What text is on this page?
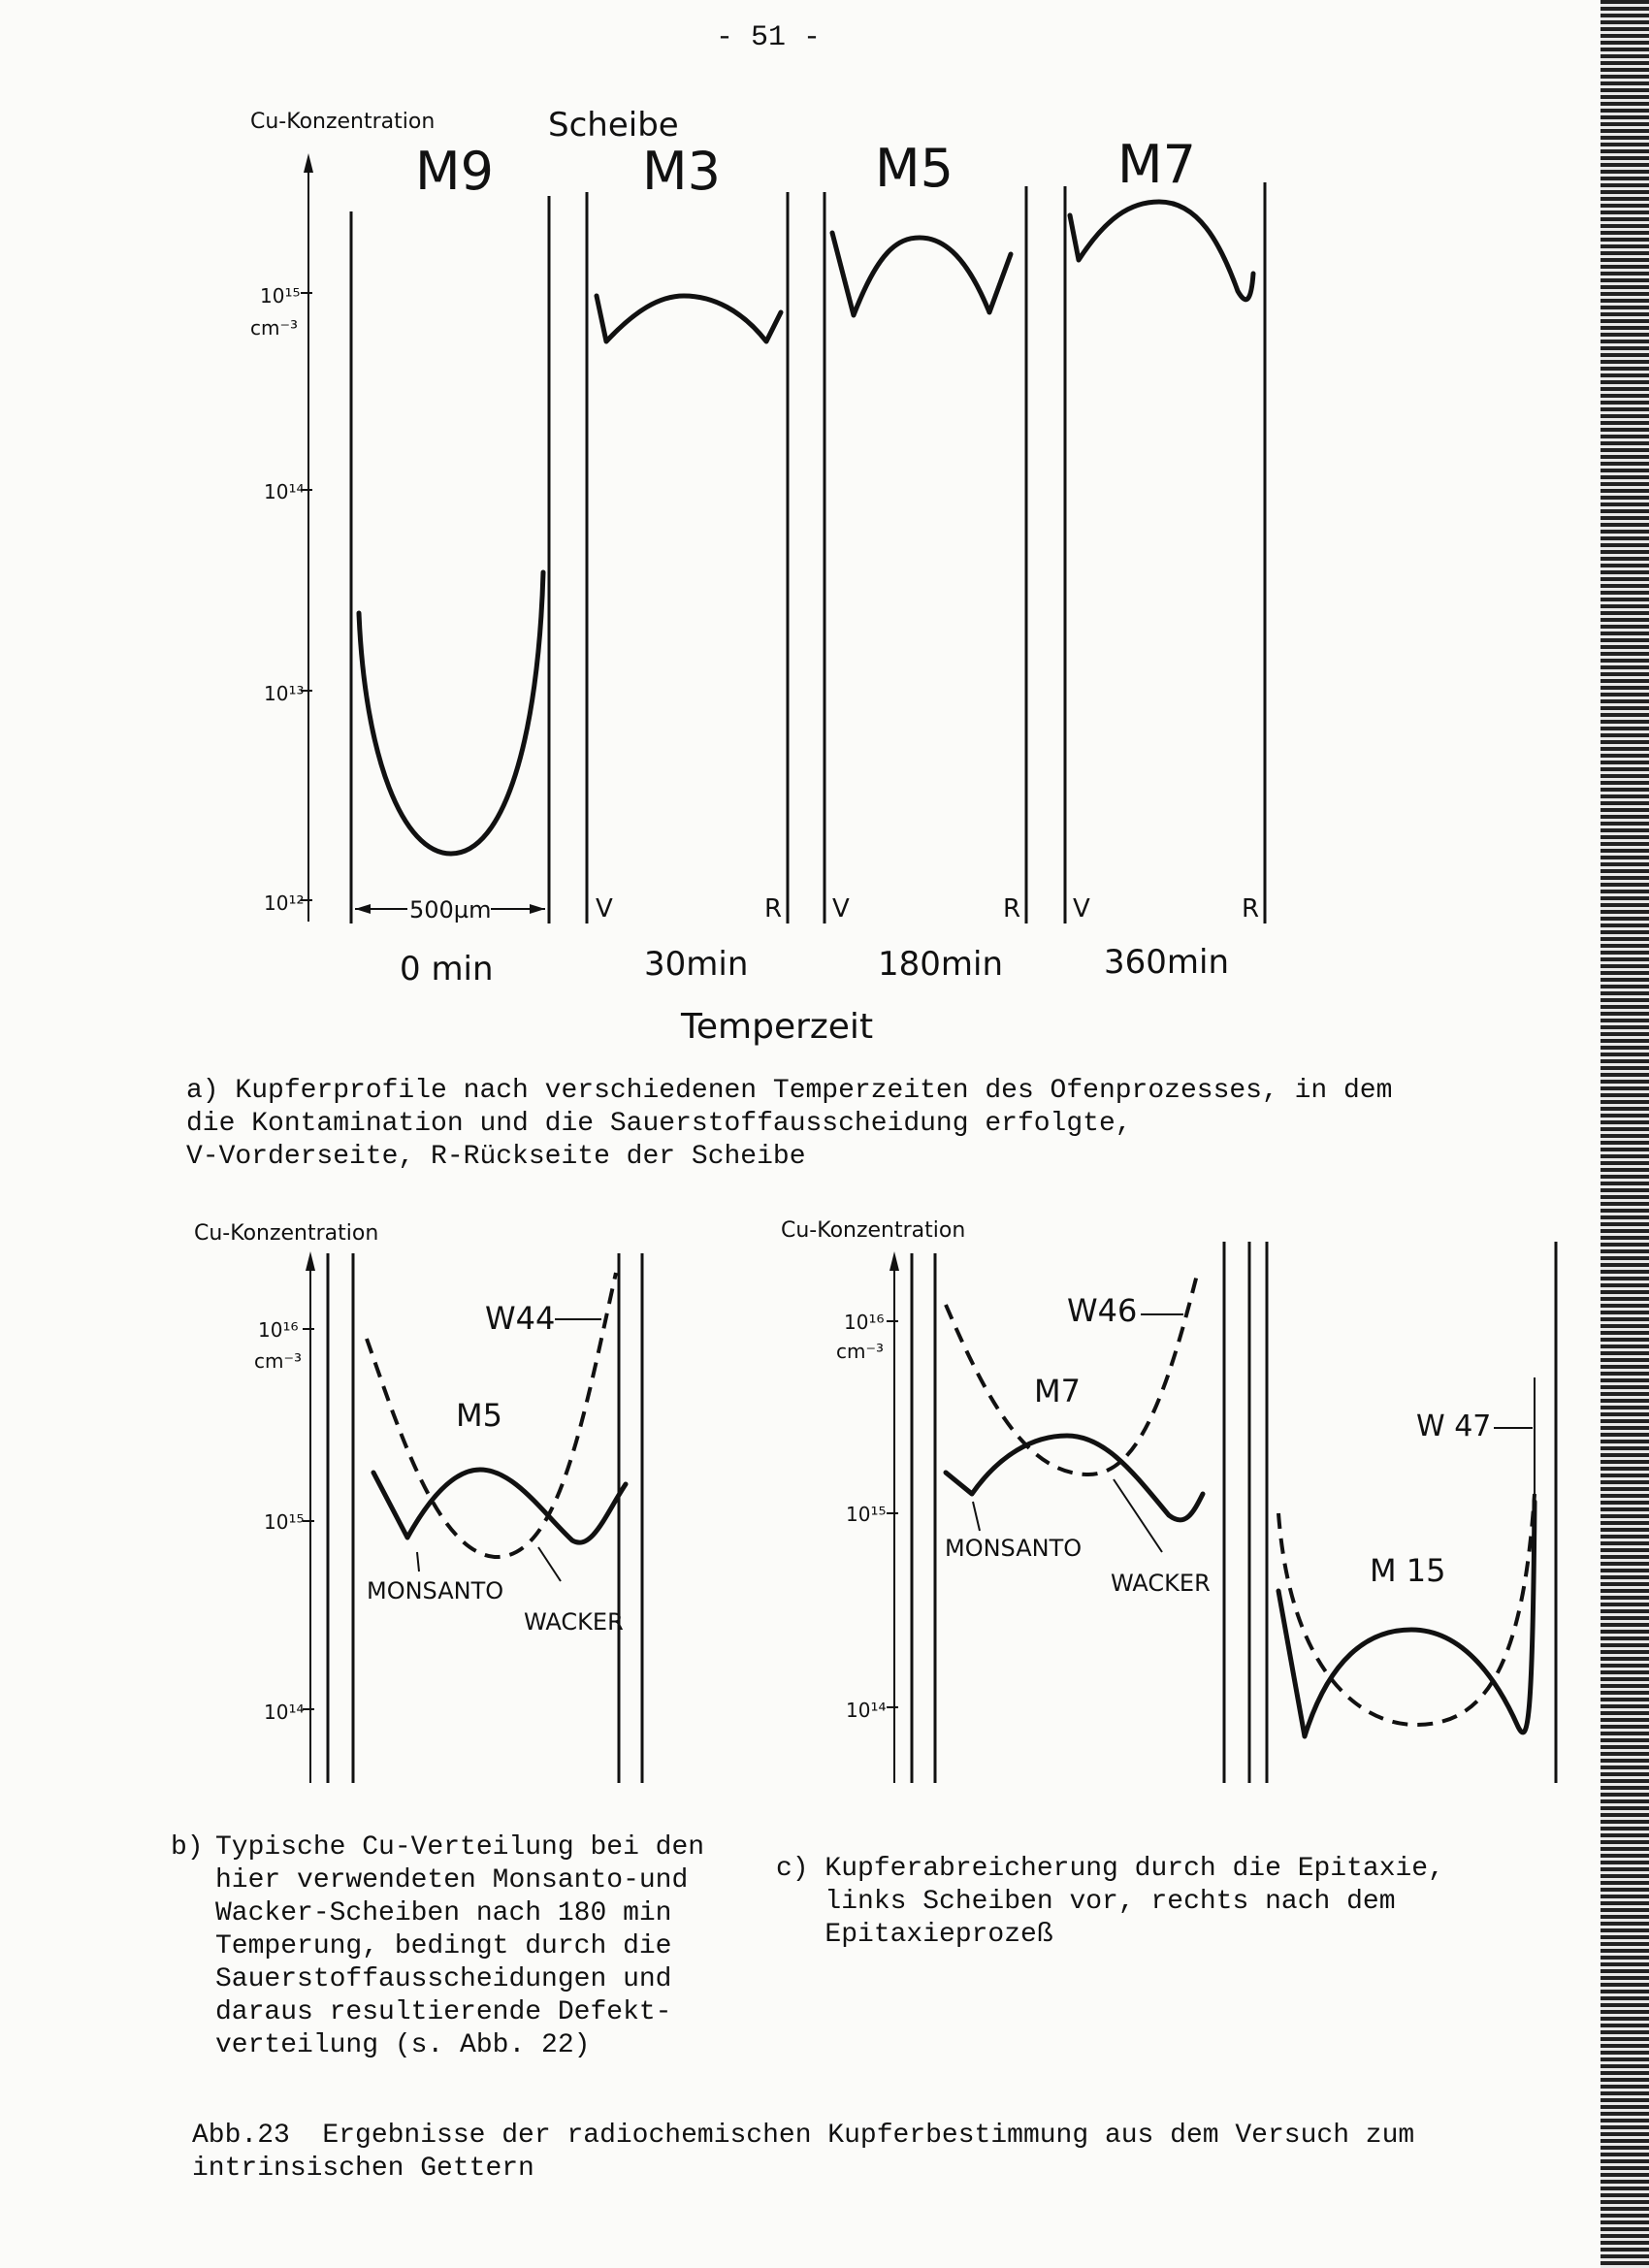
- 51 -
Cu-Konzentration	Scheibe
10¹⁵
cm⁻³
10¹⁴
10¹³
10¹²
M9	M3	M5	M7
500µm	V	R V	R V	R
0 min	30min	180min	360min
Temperzeit
Cu-Konzentration
10¹⁶
cm⁻³
10¹⁵
10¹⁴
W44
M5
MONSANTO
WACKER
Cu-Konzentration
10¹⁶
cm⁻³
10¹⁵
10¹⁴
W46
M7
MONSANTO
WACKER
W 47
M 15
a) Kupferprofile nach verschiedenen Temperzeiten des Ofenprozesses, in dem
die Kontamination und die Sauerstoffausscheidung erfolgte,
V-Vorderseite, R-Rückseite der Scheibe
b) Typische Cu-Verteilung bei den
hier verwendeten Monsanto-und
Wacker-Scheiben nach 180 min
Temperung, bedingt durch die
Sauerstoffausscheidungen und
daraus resultierende Defekt-
verteilung (s. Abb. 22)
c) Kupferabreicherung durch die Epitaxie,
links Scheiben vor, rechts nach dem
Epitaxieprozeß
Abb.23  Ergebnisse der radiochemischen Kupferbestimmung aus dem Versuch zum
intrinsischen Gettern
